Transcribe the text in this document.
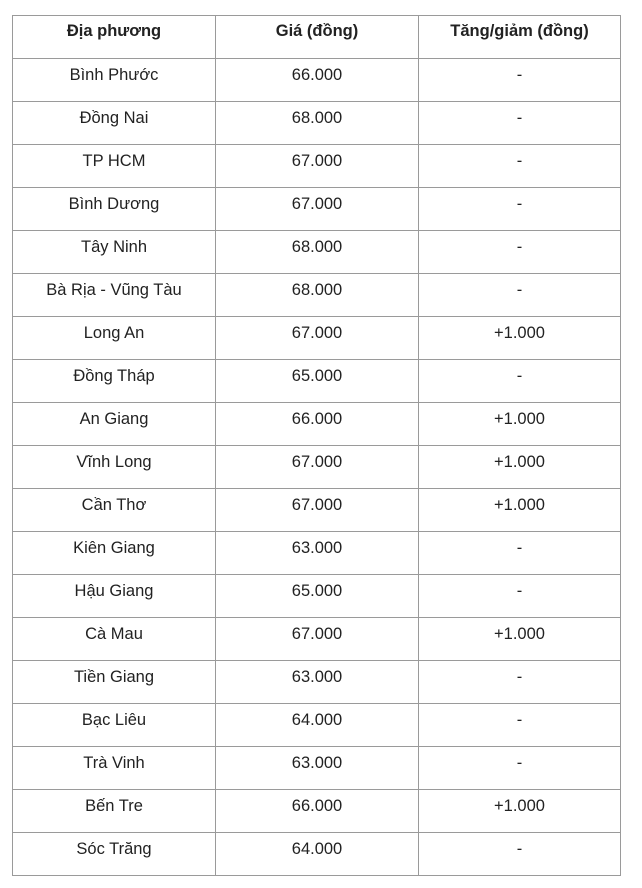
Địa phương	Giá (đồng)	Tăng/giảm (đồng)
Bình Phước	66.000	-
Đồng Nai	68.000	-
TP HCM	67.000	-
Bình Dương	67.000	-
Tây Ninh	68.000	-
Bà Rịa - Vũng Tàu	68.000	-
Long An	67.000	+1.000
Đồng Tháp	65.000	-
An Giang	66.000	+1.000
Vĩnh Long	67.000	+1.000
Cần Thơ	67.000	+1.000
Kiên Giang	63.000	-
Hậu Giang	65.000	-
Cà Mau	67.000	+1.000
Tiền Giang	63.000	-
Bạc Liêu	64.000	-
Trà Vinh	63.000	-
Bến Tre	66.000	+1.000
Sóc Trăng	64.000	-
